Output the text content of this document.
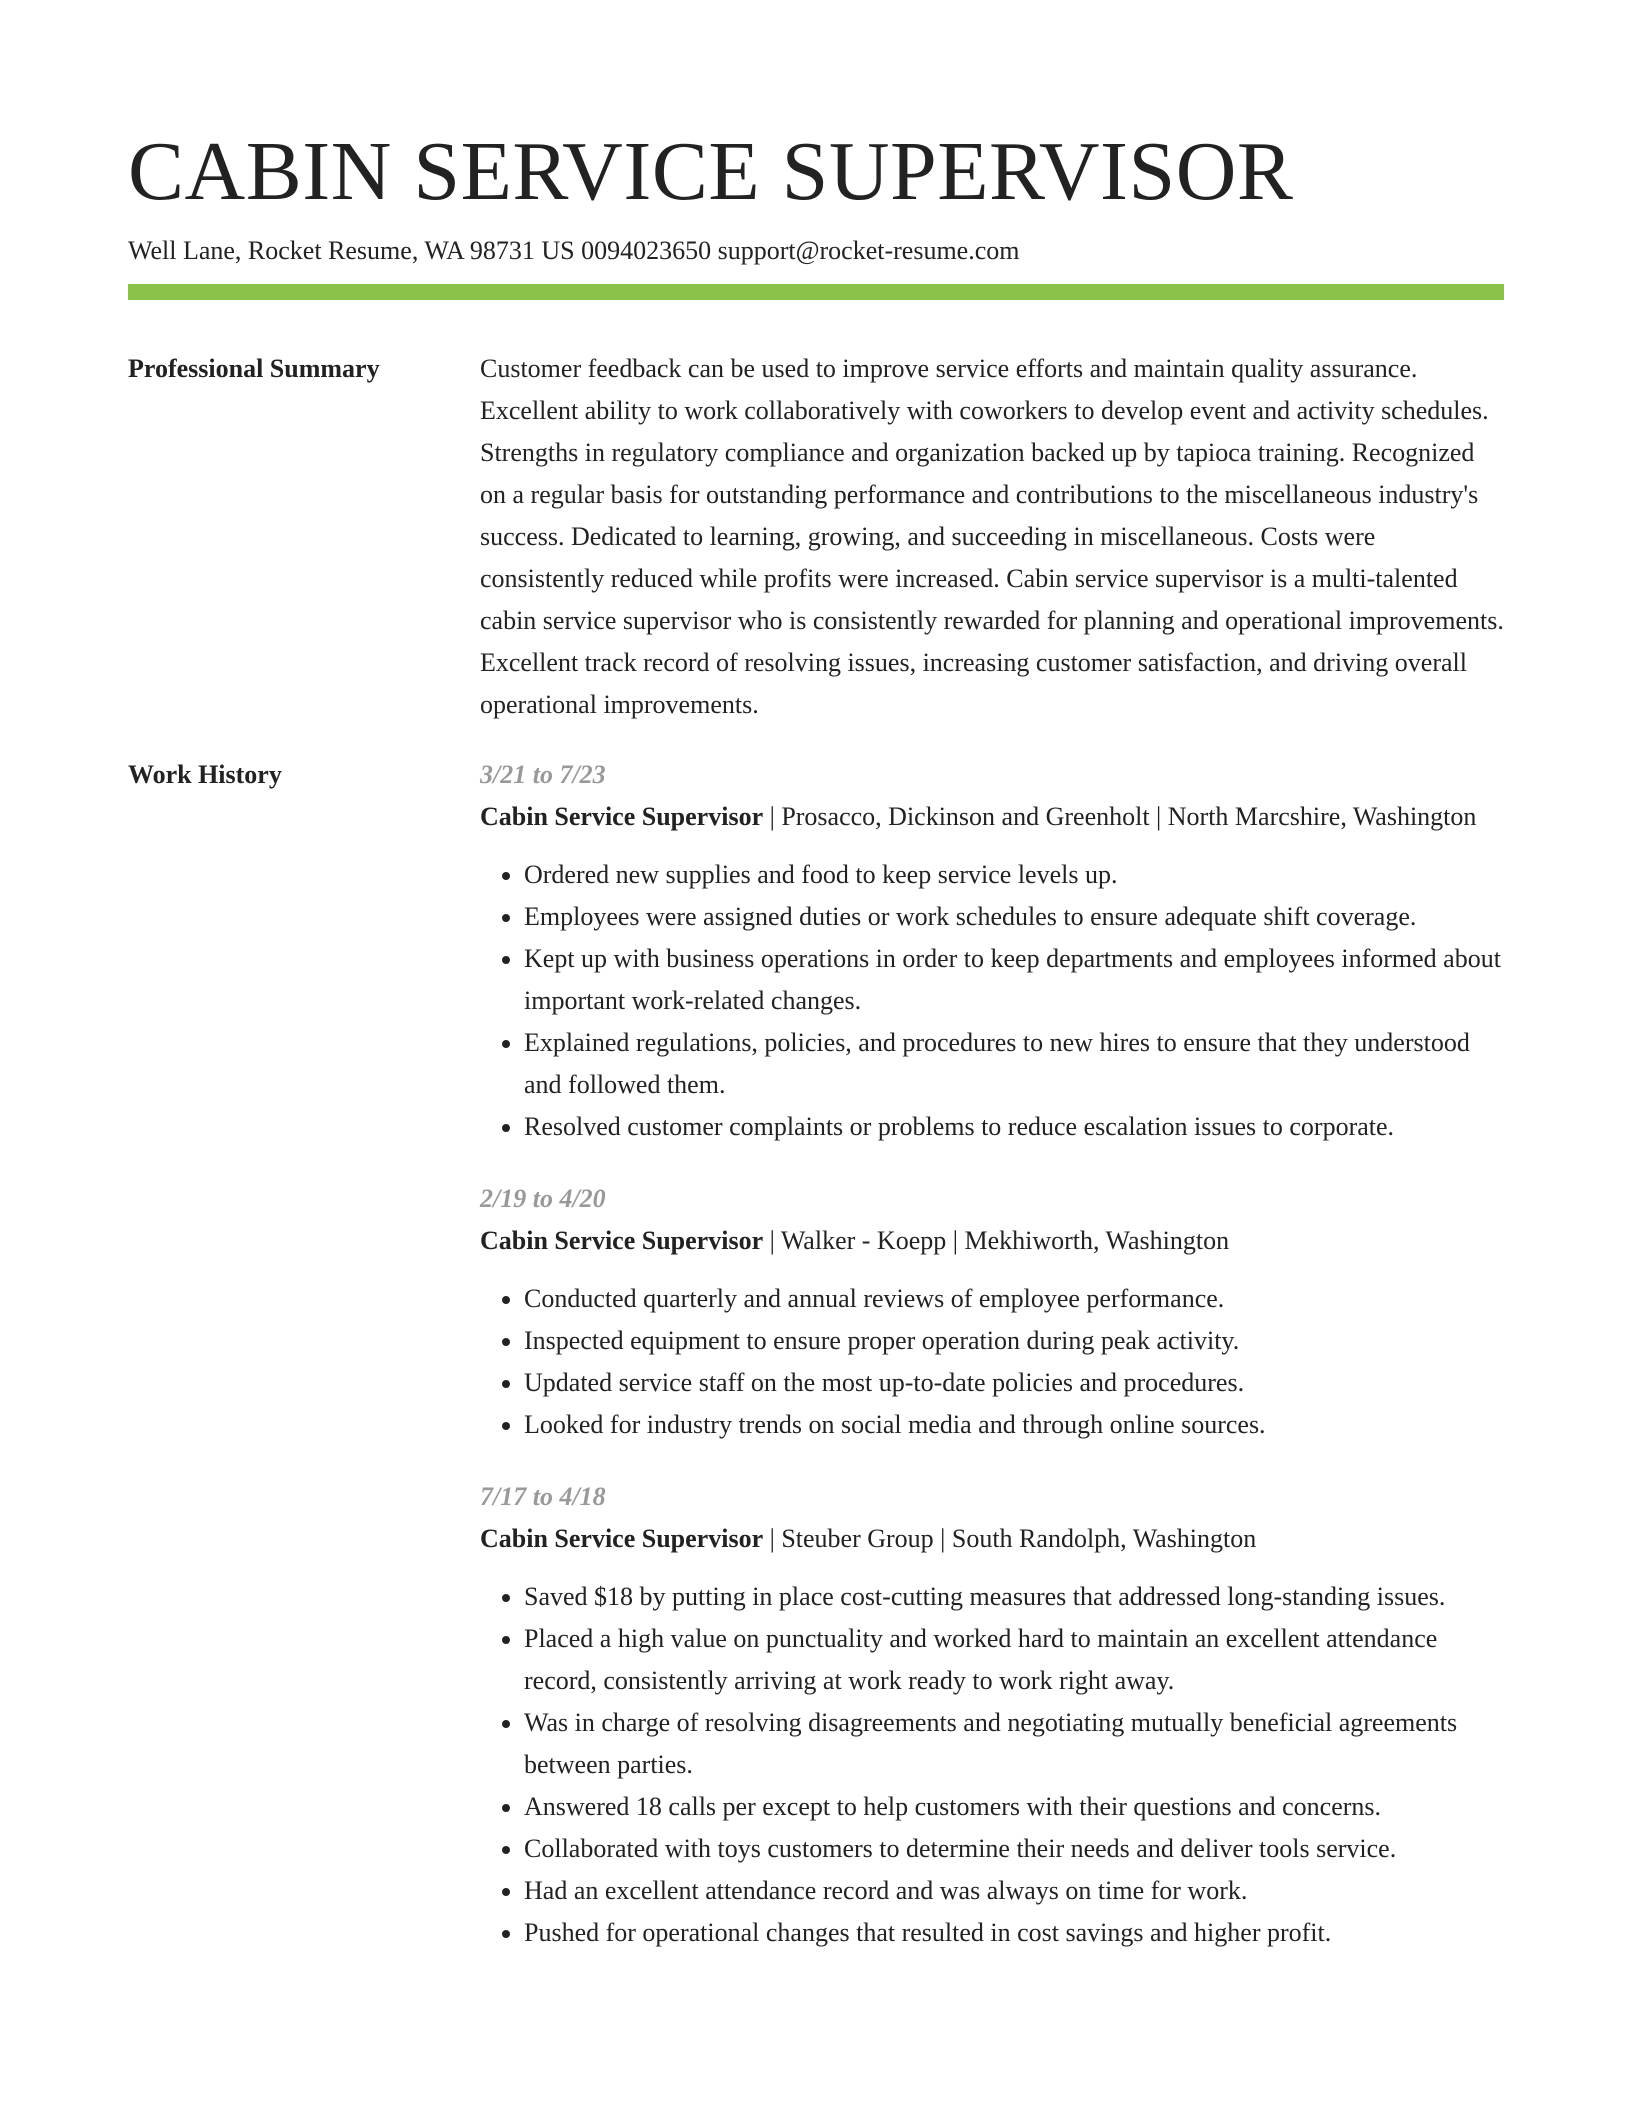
CABIN SERVICE SUPERVISOR
Well Lane, Rocket Resume, WA 98731 US 0094023650 support@rocket-resume.com
Professional Summary	Customer feedback can be used to improve service efforts and maintain quality assurance. Excellent ability to work collaboratively with coworkers to develop event and activity schedules. Strengths in regulatory compliance and organization backed up by tapioca training. Recognized on a regular basis for outstanding performance and contributions to the miscellaneous industry's success. Dedicated to learning, growing, and succeeding in miscellaneous. Costs were consistently reduced while profits were increased. Cabin service supervisor is a multi-talented cabin service supervisor who is consistently rewarded for planning and operational improvements. Excellent track record of resolving issues, increasing customer satisfaction, and driving overall operational improvements.

Work History	3/21 to 7/23
Cabin Service Supervisor | Prosacco, Dickinson and Greenholt | North Marcshire, Washington
• Ordered new supplies and food to keep service levels up.
• Employees were assigned duties or work schedules to ensure adequate shift coverage.
• Kept up with business operations in order to keep departments and employees informed about important work-related changes.
• Explained regulations, policies, and procedures to new hires to ensure that they understood and followed them.
• Resolved customer complaints or problems to reduce escalation issues to corporate.
2/19 to 4/20
Cabin Service Supervisor | Walker - Koepp | Mekhiworth, Washington
• Conducted quarterly and annual reviews of employee performance.
• Inspected equipment to ensure proper operation during peak activity.
• Updated service staff on the most up-to-date policies and procedures.
• Looked for industry trends on social media and through online sources.
7/17 to 4/18
Cabin Service Supervisor | Steuber Group | South Randolph, Washington
• Saved $18 by putting in place cost-cutting measures that addressed long-standing issues.
• Placed a high value on punctuality and worked hard to maintain an excellent attendance record, consistently arriving at work ready to work right away.
• Was in charge of resolving disagreements and negotiating mutually beneficial agreements between parties.
• Answered 18 calls per except to help customers with their questions and concerns.
• Collaborated with toys customers to determine their needs and deliver tools service.
• Had an excellent attendance record and was always on time for work.
• Pushed for operational changes that resulted in cost savings and higher profit.
